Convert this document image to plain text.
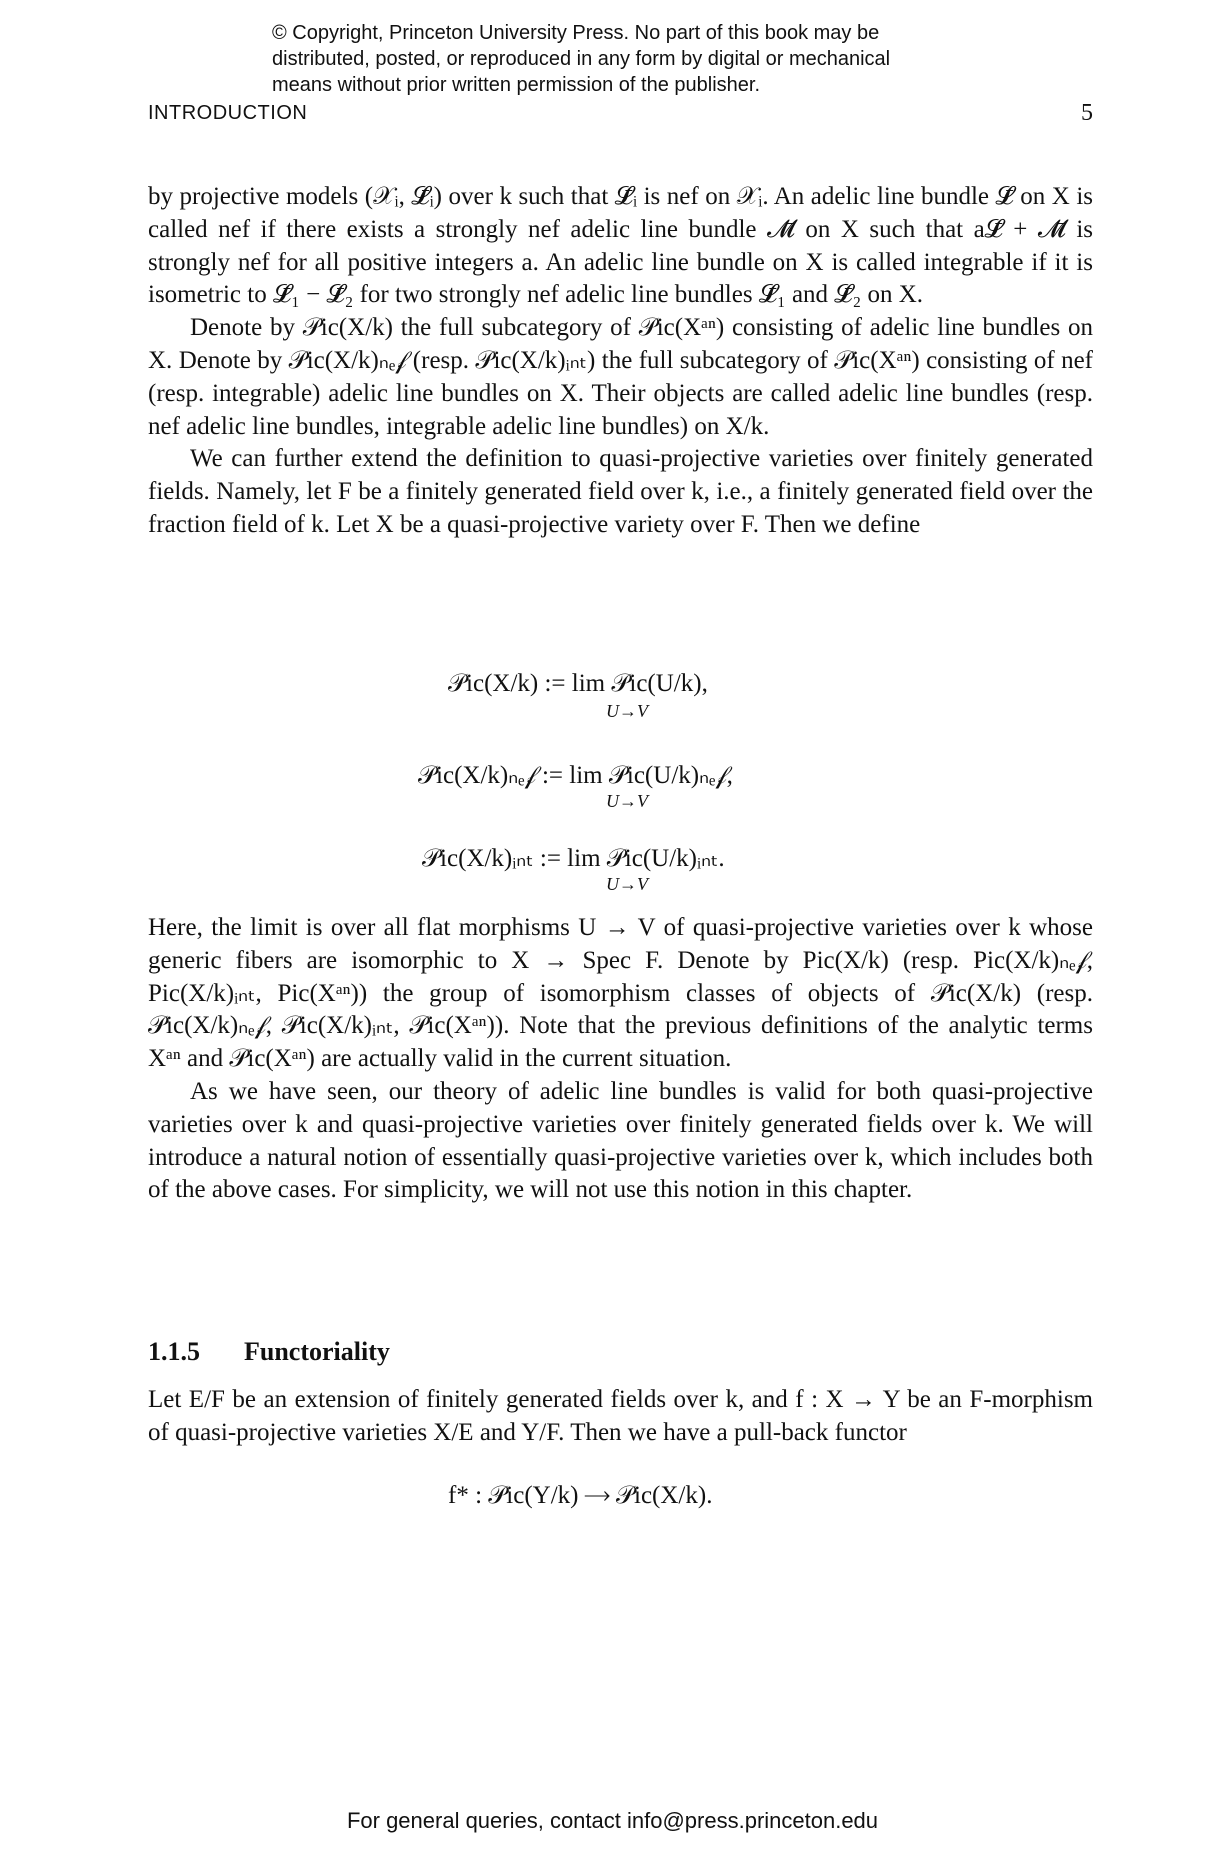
© Copyright, Princeton University Press. No part of this book may be
distributed, posted, or reproduced in any form by digital or mechanical
means without prior written permission of the publisher.
INTRODUCTION	5

by projective models (𝒳ᵢ, 𝓛̄ᵢ) over k such that 𝓛̄ᵢ is nef on 𝒳ᵢ. An adelic line bundle 𝓛̄ on X is called nef if there exists a strongly nef adelic line bundle 𝓜̄ on X such that a𝓛̄ + 𝓜̄ is strongly nef for all positive integers a. An adelic line bundle on X is called integrable if it is isometric to 𝓛̄₁ − 𝓛̄₂ for two strongly nef adelic line bundles 𝓛̄₁ and 𝓛̄₂ on X.

Denote by 𝒫ic(X/k) the full subcategory of 𝒫ic(Xᵃⁿ) consisting of adelic line bundles on X. Denote by 𝒫ic(X/k)ₙₑ𝒻 (resp. 𝒫ic(X/k)ᵢₙₜ) the full subcategory of 𝒫ic(Xᵃⁿ) consisting of nef (resp. integrable) adelic line bundles on X. Their objects are called adelic line bundles (resp. nef adelic line bundles, integrable adelic line bundles) on X/k.

We can further extend the definition to quasi-projective varieties over finitely generated fields. Namely, let F be a finitely generated field over k, i.e., a finitely generated field over the fraction field of k. Let X be a quasi-projective variety over F. Then we define

𝒫ic(X/k) := lim 𝒫ic(U/k),
U→V
𝒫ic(X/k)ₙₑ𝒻 := lim 𝒫ic(U/k)ₙₑ𝒻,
U→V
𝒫ic(X/k)ᵢₙₜ := lim 𝒫ic(U/k)ᵢₙₜ.
U→V

Here, the limit is over all flat morphisms U → V of quasi-projective varieties over k whose generic fibers are isomorphic to X → Spec F. Denote by Pic(X/k) (resp. Pic(X/k)ₙₑ𝒻, Pic(X/k)ᵢₙₜ, Pic(Xᵃⁿ)) the group of isomorphism classes of objects of 𝒫ic(X/k) (resp. 𝒫ic(X/k)ₙₑ𝒻, 𝒫ic(X/k)ᵢₙₜ, 𝒫ic(Xᵃⁿ)). Note that the previous definitions of the analytic terms Xᵃⁿ and 𝒫ic(Xᵃⁿ) are actually valid in the current situation.

As we have seen, our theory of adelic line bundles is valid for both quasi-projective varieties over k and quasi-projective varieties over finitely generated fields over k. We will introduce a natural notion of essentially quasi-projective varieties over k, which includes both of the above cases. For simplicity, we will not use this notion in this chapter.

1.1.5 Functoriality

Let E/F be an extension of finitely generated fields over k, and f : X → Y be an F-morphism of quasi-projective varieties X/E and Y/F. Then we have a pull-back functor

f* : 𝒫ic(Y/k) ⟶ 𝒫ic(X/k).
For general queries, contact info@press.princeton.edu
